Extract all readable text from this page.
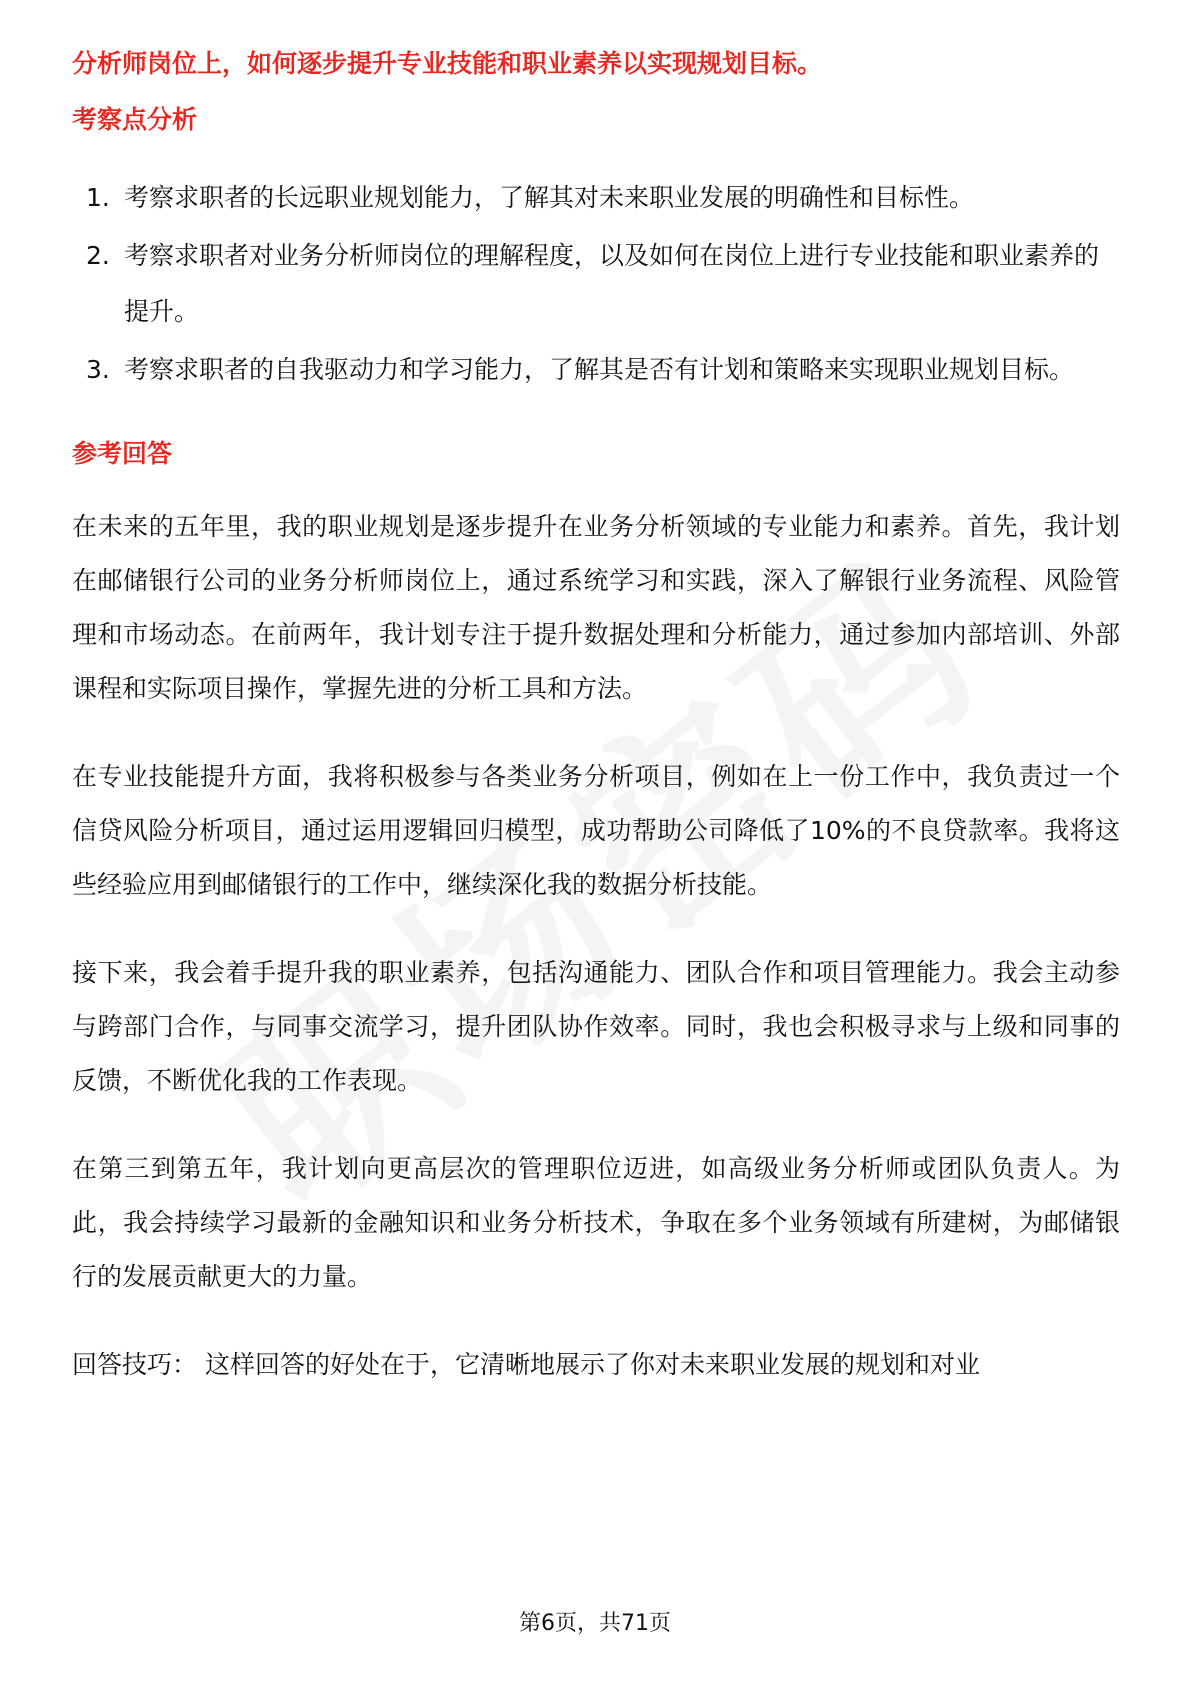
分析师岗位上，如何逐步提升专业技能和职业素养以实现规划目标。

考察点分析

1. 考察求职者的长远职业规划能力，了解其对未来职业发展的明确性和目标性。
2. 考察求职者对业务分析师岗位的理解程度，以及如何在岗位上进行专业技能和职业素养的提升。
3. 考察求职者的自我驱动力和学习能力，了解其是否有计划和策略来实现职业规划目标。

参考回答

在未来的五年里，我的职业规划是逐步提升在业务分析领域的专业能力和素养。首先，我计划在邮储银行公司的业务分析师岗位上，通过系统学习和实践，深入了解银行业务流程、风险管理和市场动态。在前两年，我计划专注于提升数据处理和分析能力，通过参加内部培训、外部课程和实际项目操作，掌握先进的分析工具和方法。

在专业技能提升方面，我将积极参与各类业务分析项目，例如在上一份工作中，我负责过一个信贷风险分析项目，通过运用逻辑回归模型，成功帮助公司降低了10%的不良贷款率。我将这些经验应用到邮储银行的工作中，继续深化我的数据分析技能。

接下来，我会着手提升我的职业素养，包括沟通能力、团队合作和项目管理能力。我会主动参与跨部门合作，与同事交流学习，提升团队协作效率。同时，我也会积极寻求与上级和同事的反馈，不断优化我的工作表现。

在第三到第五年，我计划向更高层次的管理职位迈进，如高级业务分析师或团队负责人。为此，我会持续学习最新的金融知识和业务分析技术，争取在多个业务领域有所建树，为邮储银行的发展贡献更大的力量。

回答技巧： 这样回答的好处在于，它清晰地展示了你对未来职业发展的规划和对业

第6页，共71页
